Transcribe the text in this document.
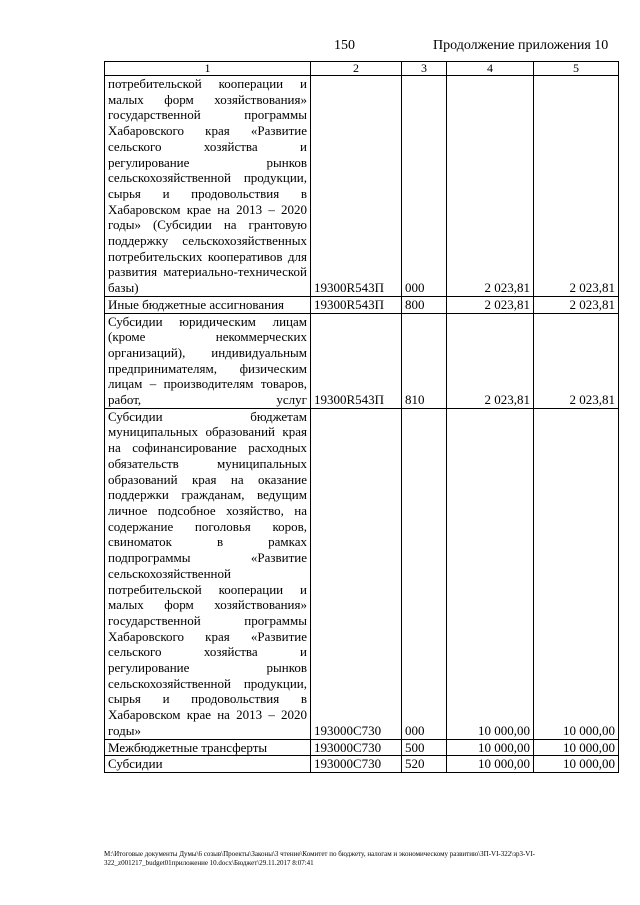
150	Продолжение приложения 10
1	2	3	4	5
потребительской кооперации и малых форм хозяйствования» государственной программы Хабаровского края «Развитие сельского хозяйства и регулирование рынков сельскохозяйственной продукции, сырья и продовольствия в Хабаровском крае на 2013 – 2020 годы» (Субсидии на грантовую поддержку сельскохозяйственных потребительских кооперативов для развития материально-технической базы)	19300R543П	000	2 023,81	2 023,81
Иные бюджетные ассигнования	19300R543П	800	2 023,81	2 023,81
Субсидии юридическим лицам (кроме некоммерческих организаций), индивидуальным предпринимателям, физическим лицам – производителям товаров, работ, услуг	19300R543П	810	2 023,81	2 023,81
Субсидии бюджетам муниципальных образований края на софинансирование расходных обязательств муниципальных образований края на оказание поддержки гражданам, ведущим личное подсобное хозяйство, на содержание поголовья коров, свиноматок в рамках подпрограммы «Развитие сельскохозяйственной потребительской кооперации и малых форм хозяйствования» государственной программы Хабаровского края «Развитие сельского хозяйства и регулирование рынков сельскохозяйственной продукции, сырья и продовольствия в Хабаровском крае на 2013 – 2020 годы»	193000С730	000	10 000,00	10 000,00
Межбюджетные трансферты	193000С730	500	10 000,00	10 000,00
Субсидии	193000С730	520	10 000,00	10 000,00
M:\Итоговые документы Думы\6 созыв\Проекты\Законы\3 чтение\Комитет по бюджету, налогам и экономическому развитию\ЗП-VI-322\зр3-VI-322_z001217_budget01приложение 10.docx\Бюджет\29.11.2017 8:07:41
